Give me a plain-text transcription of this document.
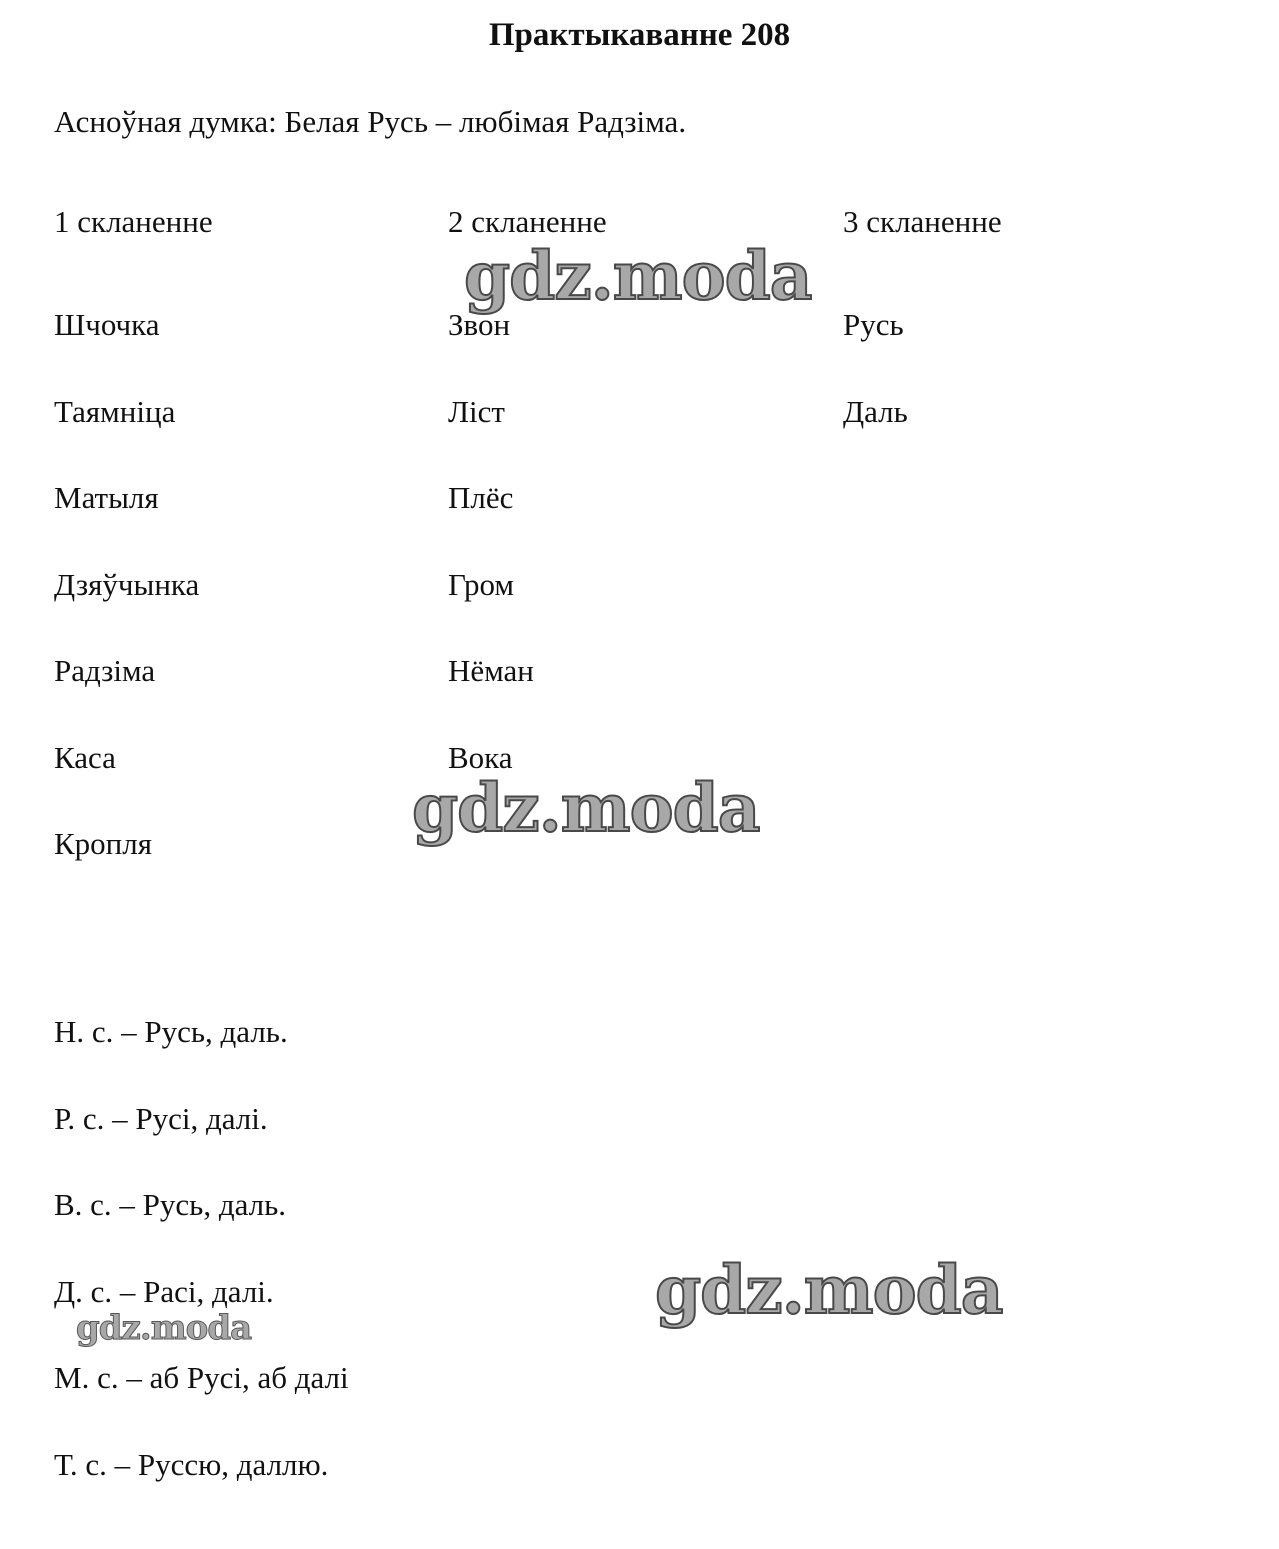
Практыкаванне 208
Асноўная думка: Белая Русь – любімая Радзіма.
1 скланенне
Шчочка
Таямніца
Матыля
Дзяўчынка
Радзіма
Каса
Кропля
2 скланенне
Звон
Ліст
Плёс
Гром
Нёман
Вока
3 скланенне
Русь
Даль
Н. с. – Русь, даль.
Р. с. – Русі, далі.
В. с. – Русь, даль.
Д. с. – Расі, далі.
М. с. – аб Русі, аб далі
Т. с. – Руссю, даллю.
gdz.moda
gdz.moda
gdz.moda
gdz.moda
